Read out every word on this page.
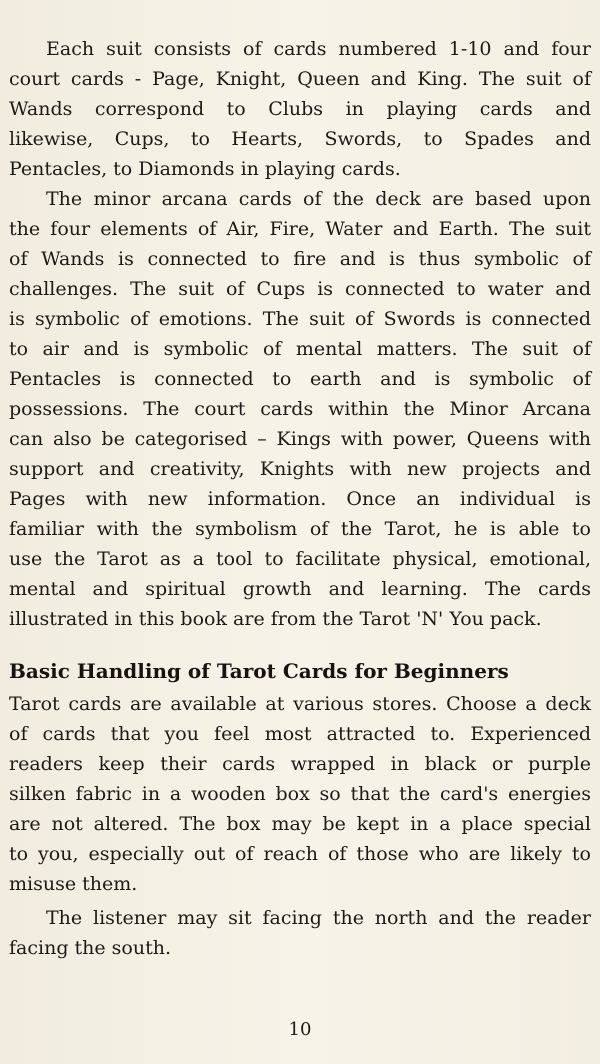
Each suit consists of cards numbered 1-10 and four
court cards - Page, Knight, Queen and King. The suit of
Wands correspond to Clubs in playing cards and
likewise, Cups, to Hearts, Swords, to Spades and
Pentacles, to Diamonds in playing cards.
The minor arcana cards of the deck are based upon
the four elements of Air, Fire, Water and Earth. The suit
of Wands is connected to fire and is thus symbolic of
challenges. The suit of Cups is connected to water and
is symbolic of emotions. The suit of Swords is connected
to air and is symbolic of mental matters. The suit of
Pentacles is connected to earth and is symbolic of
possessions. The court cards within the Minor Arcana
can also be categorised – Kings with power, Queens with
support and creativity, Knights with new projects and
Pages with new information. Once an individual is
familiar with the symbolism of the Tarot, he is able to
use the Tarot as a tool to facilitate physical, emotional,
mental and spiritual growth and learning. The cards
illustrated in this book are from the Tarot 'N' You pack.
Basic Handling of Tarot Cards for Beginners
Tarot cards are available at various stores. Choose a deck
of cards that you feel most attracted to. Experienced
readers keep their cards wrapped in black or purple
silken fabric in a wooden box so that the card's energies
are not altered. The box may be kept in a place special
to you, especially out of reach of those who are likely to
misuse them.
The listener may sit facing the north and the reader
facing the south.
10
